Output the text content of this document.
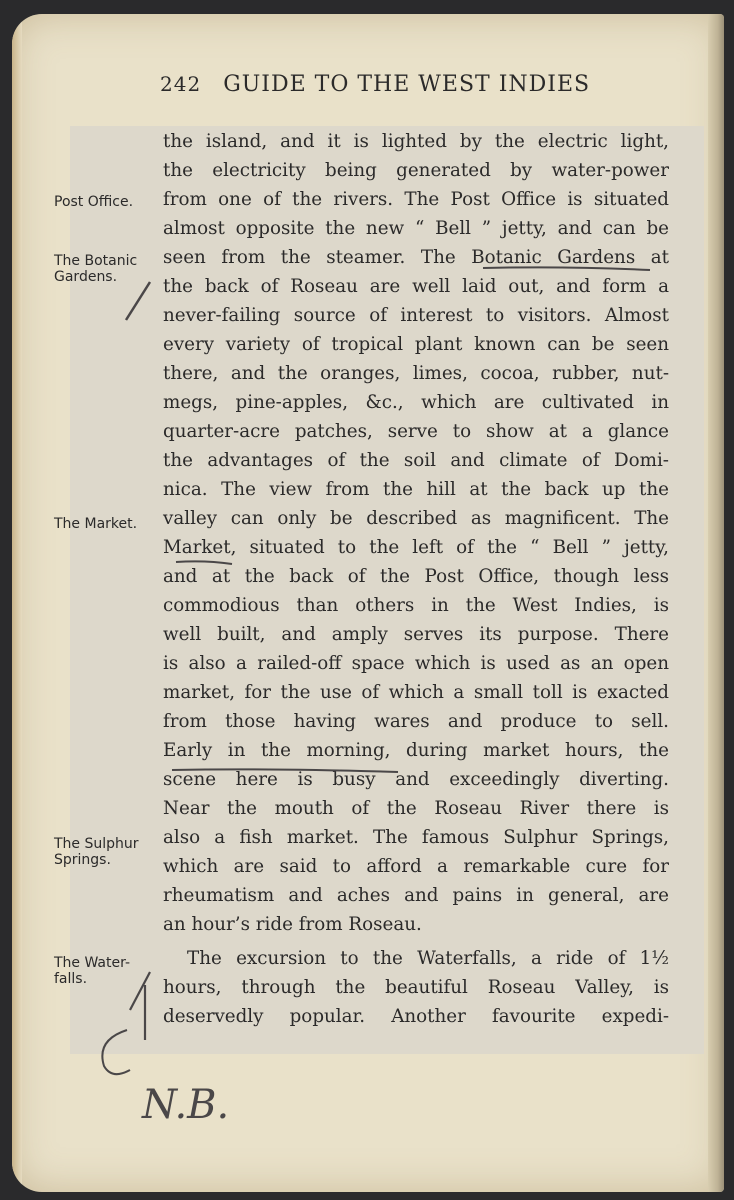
242 GUIDE TO THE WEST INDIES
Post Office.
The Botanic
Gardens.
The Market.
The Sulphur
Springs.
The Water-
falls.
the island, and it is lighted by the electric light,
the electricity being generated by water-power
from one of the rivers. The Post Office is situated
almost opposite the new “ Bell ” jetty, and can be
seen from the steamer. The Botanic Gardens at
the back of Roseau are well laid out, and form a
never-failing source of interest to visitors. Almost
every variety of tropical plant known can be seen
there, and the oranges, limes, cocoa, rubber, nut-
megs, pine-apples, &c., which are cultivated in
quarter-acre patches, serve to show at a glance
the advantages of the soil and climate of Domi-
nica. The view from the hill at the back up the
valley can only be described as magnificent. The
Market, situated to the left of the “ Bell ” jetty,
and at the back of the Post Office, though less
commodious than others in the West Indies, is
well built, and amply serves its purpose. There
is also a railed-off space which is used as an open
market, for the use of which a small toll is exacted
from those having wares and produce to sell.
Early in the morning, during market hours, the
scene here is busy and exceedingly diverting.
Near the mouth of the Roseau River there is
also a fish market. The famous Sulphur Springs,
which are said to afford a remarkable cure for
rheumatism and aches and pains in general, are
an hour’s ride from Roseau.
The excursion to the Waterfalls, a ride of 1½
hours, through the beautiful Roseau Valley, is
deservedly popular. Another favourite expedi-
N.B.
